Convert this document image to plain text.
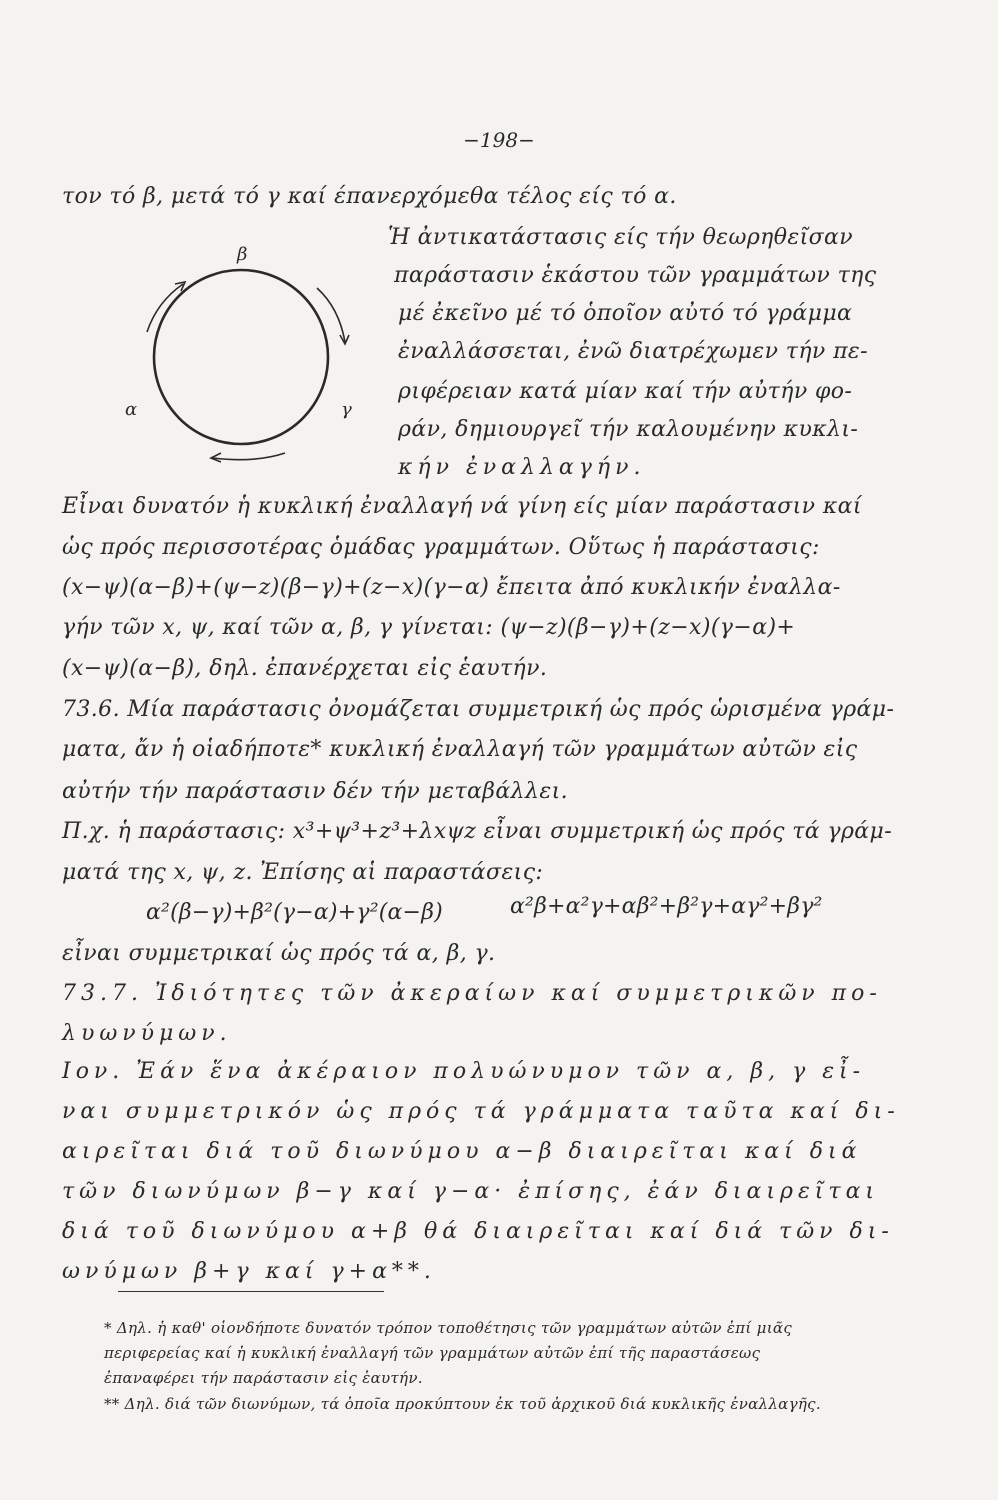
−198−
τον τό β, μετά τό γ καί έπανερχόμεθα τέλος είς τό α.
β
α	γ
Ἡ ἀντικατάστασις είς τήν θεωρηθεῖσαν
παράστασιν ἑκάστου τῶν γραμμάτων της
μέ ἐκεῖνο μέ τό ὁποῖον αὐτό τό γράμμα
ἐναλλάσσεται, ἐνῶ διατρέχωμεν τήν πε-
ριφέρειαν κατά μίαν καί τήν αὐτήν φο-
ράν, δημιουργεῖ τήν καλουμένην κυκλι-
κήν ἐναλλαγήν.
Εἶναι δυνατόν ἡ κυκλική ἐναλλαγή νά γίνη είς μίαν παράστασιν καί
ὡς πρός περισσοτέρας ὁμάδας γραμμάτων. Οὕτως ἡ παράστασις:
(x−ψ)(α−β)+(ψ−z)(β−γ)+(z−x)(γ−α) ἔπειτα ἀπό κυκλικήν ἐναλλα-
γήν τῶν x, ψ, καί τῶν α, β, γ γίνεται: (ψ−z)(β−γ)+(z−x)(γ−α)+
(x−ψ)(α−β), δηλ. ἐπανέρχεται εἰς ἑαυτήν.
73.6. Μία παράστασις ὀνομάζεται συμμετρική ὡς πρός ὡρισμένα γράμ-
ματα, ἄν ἡ οἱαδήποτε* κυκλική ἐναλλαγή τῶν γραμμάτων αὐτῶν εἰς
αὐτήν τήν παράστασιν δέν τήν μεταβάλλει.
Π.χ. ἡ παράστασις: x³+ψ³+z³+λxψz εἶναι συμμετρική ὡς πρός τά γράμ-
ματά της x, ψ, z. Ἐπίσης αἱ παραστάσεις:
α²(β−γ)+β²(γ−α)+γ²(α−β)	α²β+α²γ+αβ²+β²γ+αγ²+βγ²
εἶναι συμμετρικαί ὡς πρός τά α, β, γ.
73.7. Ἰδιότητες τῶν ἀκεραίων καί συμμετρικῶν πο-
λυωνύμων.
Ιον. Ἐάν ἕνα ἀκέραιον πολυώνυμον τῶν α, β, γ εἶ-
ναι συμμετρικόν ὡς πρός τά γράμματα ταῦτα καί δι-
αιρεῖται διά τοῦ διωνύμου α−β διαιρεῖται καί διά
τῶν διωνύμων β−γ καί γ−α· ἐπίσης, ἐάν διαιρεῖται
διά τοῦ διωνύμου α+β θά διαιρεῖται καί διά τῶν δι-
ωνύμων β+γ καί γ+α**.
* Δηλ. ἡ καθ' οἱονδήποτε δυνατόν τρόπον τοποθέτησις τῶν γραμμάτων αὐτῶν ἐπί μιᾶς
περιφερείας καί ἡ κυκλική ἐναλλαγή τῶν γραμμάτων αὐτῶν ἐπί τῆς παραστάσεως
ἐπαναφέρει τήν παράστασιν εἰς ἑαυτήν.
** Δηλ. διά τῶν διωνύμων, τά ὁποῖα προκύπτουν ἐκ τοῦ ἀρχικοῦ διά κυκλικῆς ἐναλλαγῆς.
